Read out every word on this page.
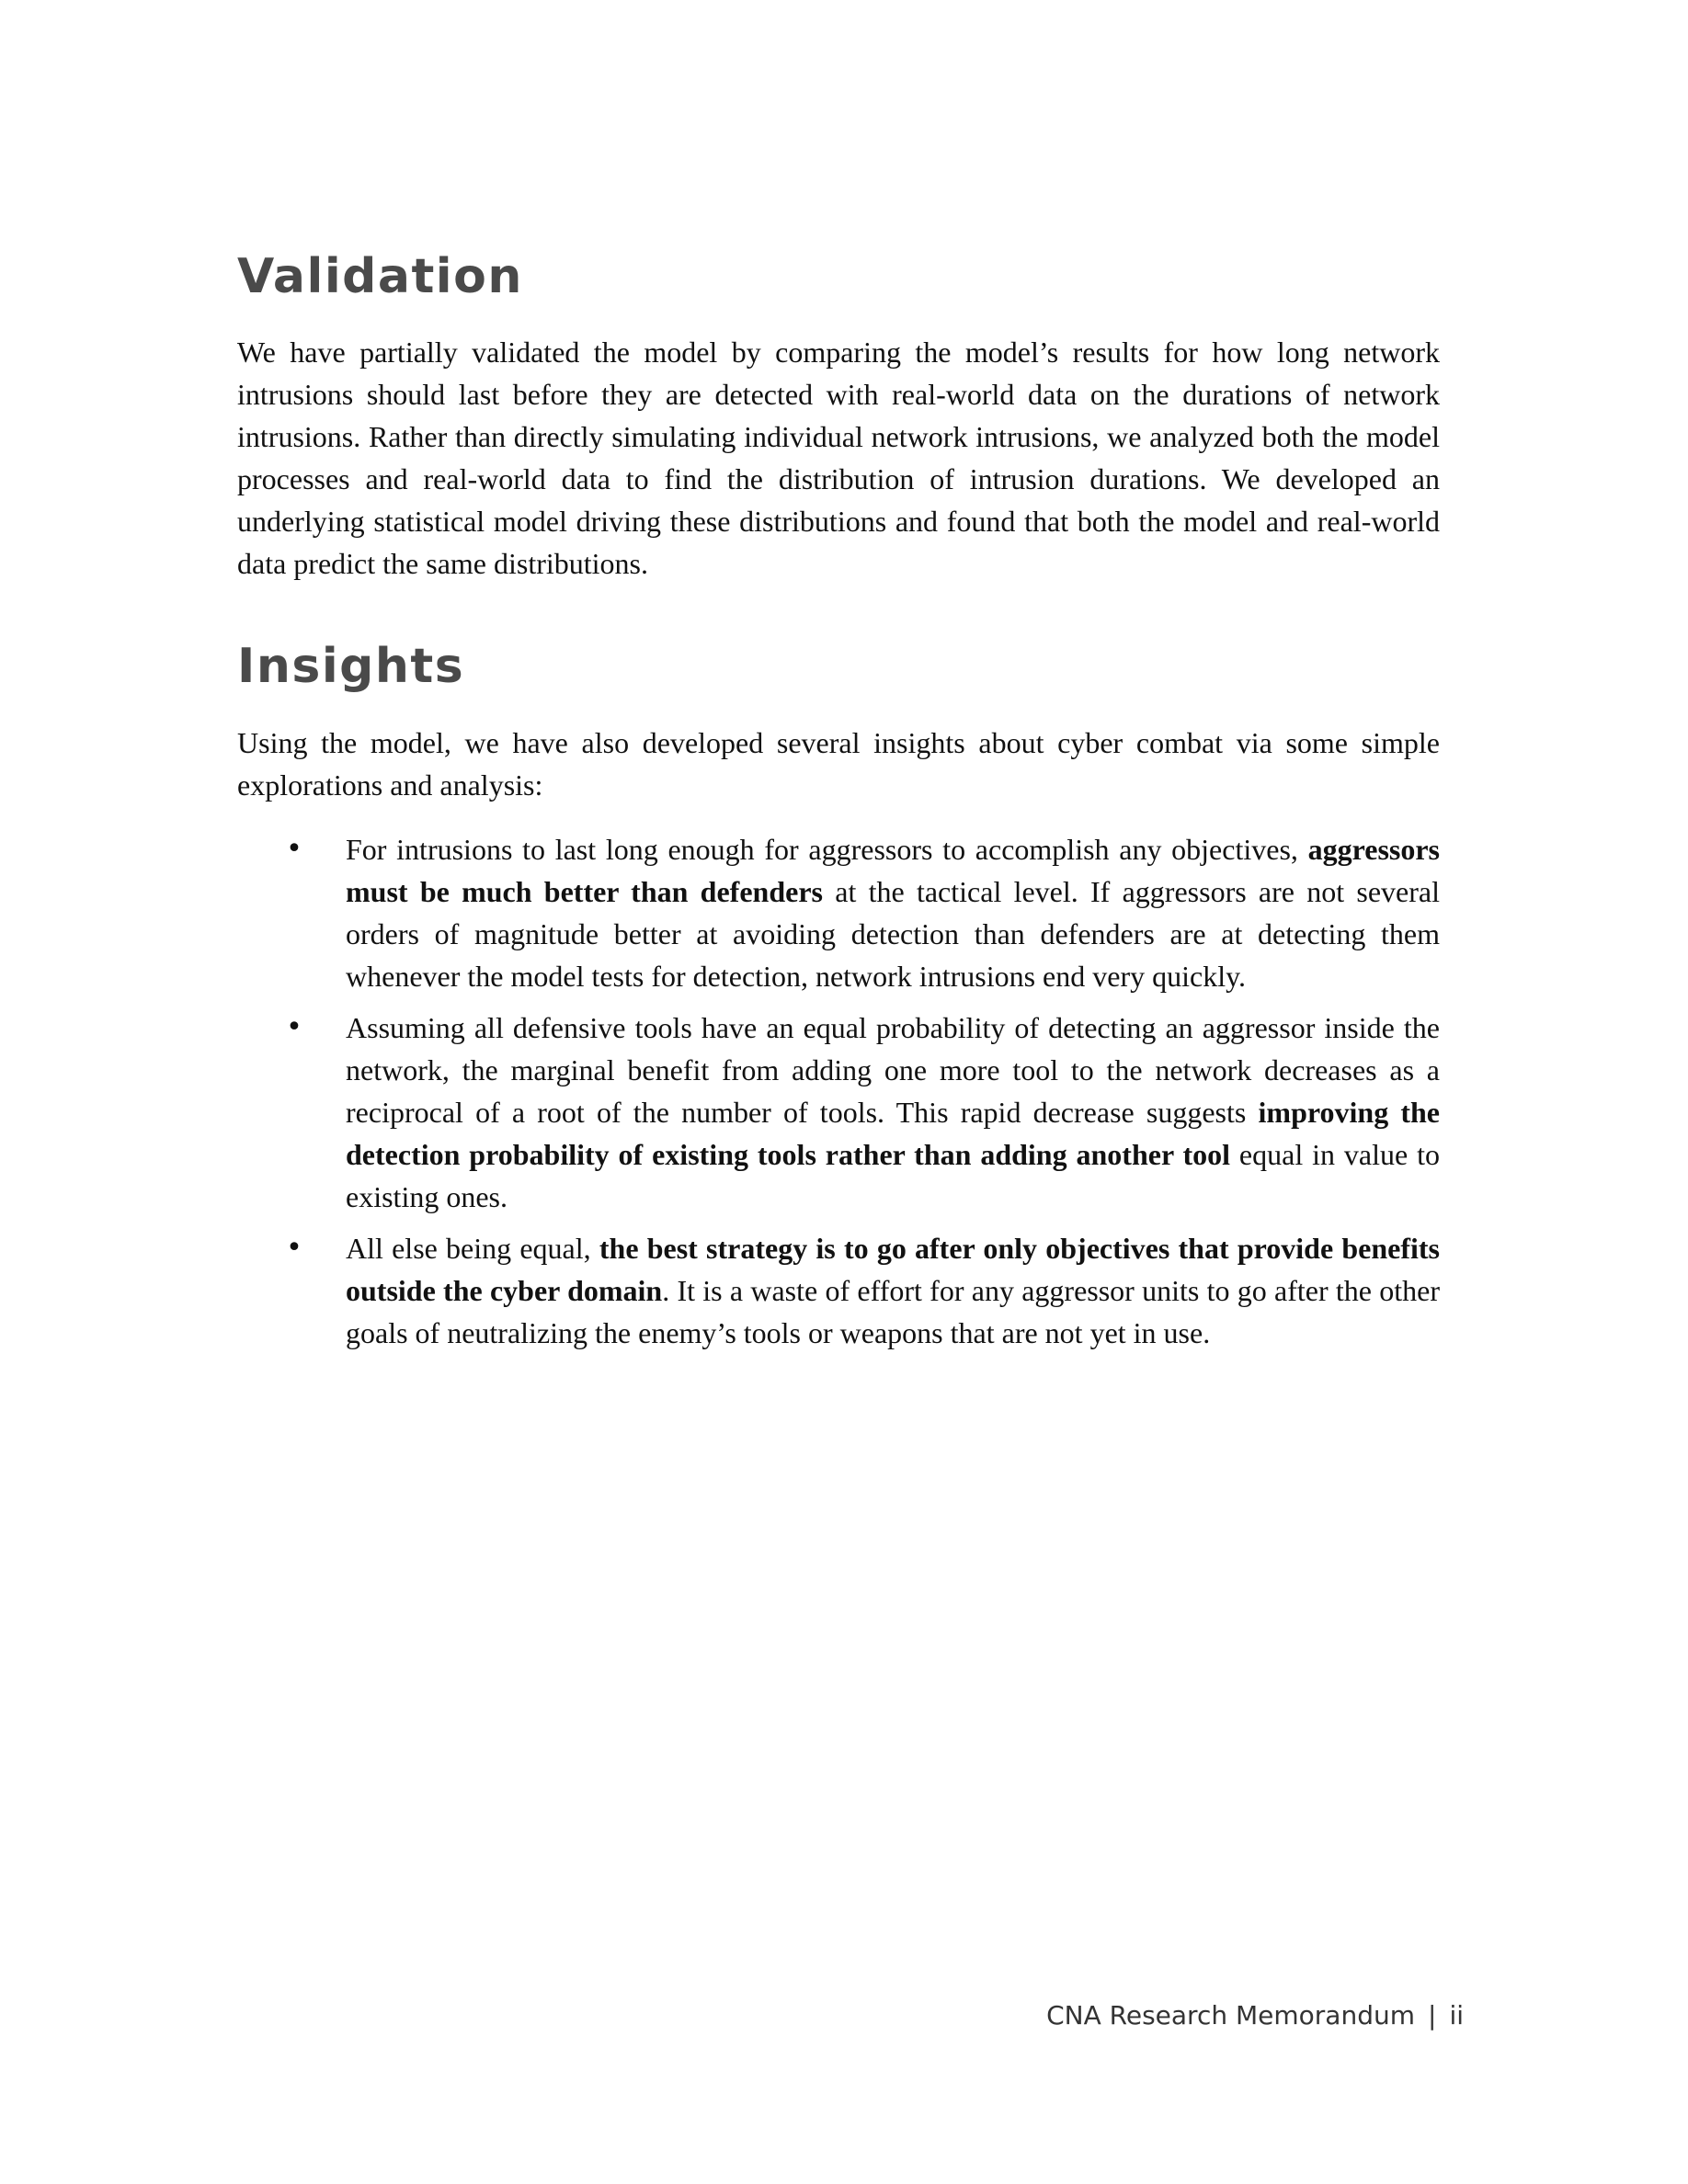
Validation

We have partially validated the model by comparing the model’s results for how long network intrusions should last before they are detected with real-world data on the durations of network intrusions. Rather than directly simulating individual network intrusions, we analyzed both the model processes and real-world data to find the distribution of intrusion durations. We developed an underlying statistical model driving these distributions and found that both the model and real-world data predict the same distributions.

Insights

Using the model, we have also developed several insights about cyber combat via some simple explorations and analysis:

• For intrusions to last long enough for aggressors to accomplish any objectives, aggressors must be much better than defenders at the tactical level. If aggressors are not several orders of magnitude better at avoiding detection than defenders are at detecting them whenever the model tests for detection, network intrusions end very quickly.
• Assuming all defensive tools have an equal probability of detecting an aggressor inside the network, the marginal benefit from adding one more tool to the network decreases as a reciprocal of a root of the number of tools. This rapid decrease suggests improving the detection probability of existing tools rather than adding another tool equal in value to existing ones.
• All else being equal, the best strategy is to go after only objectives that provide benefits outside the cyber domain. It is a waste of effort for any aggressor units to go after the other goals of neutralizing the enemy’s tools or weapons that are not yet in use.
CNA Research Memorandum | ii
